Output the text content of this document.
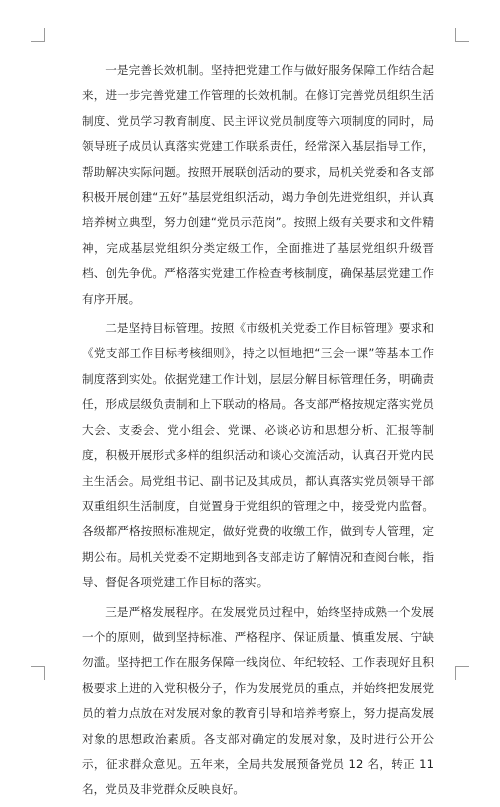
一是完善长效机制。坚持把党建工作与做好服务保障工作结合起来，进一步完善党建工作管理的长效机制。在修订完善党员组织生活制度、党员学习教育制度、民主评议党员制度等六项制度的同时，局领导班子成员认真落实党建工作联系责任，经常深入基层指导工作，帮助解决实际问题。按照开展联创活动的要求，局机关党委和各支部积极开展创建“五好”基层党组织活动，竭力争创先进党组织，并认真培养树立典型，努力创建“党员示范岗”。按照上级有关要求和文件精神，完成基层党组织分类定级工作，全面推进了基层党组织升级晋档、创先争优。严格落实党建工作检查考核制度，确保基层党建工作有序开展。

二是坚持目标管理。按照《市级机关党委工作目标管理》要求和《党支部工作目标考核细则》，持之以恒地把“三会一课”等基本工作制度落到实处。依据党建工作计划，层层分解目标管理任务，明确责任，形成层级负责制和上下联动的格局。各支部严格按规定落实党员大会、支委会、党小组会、党课、必谈必访和思想分析、汇报等制度，积极开展形式多样的组织活动和谈心交流活动，认真召开党内民主生活会。局党组书记、副书记及其成员，都认真落实党员领导干部双重组织生活制度，自觉置身于党组织的管理之中，接受党内监督。各级都严格按照标准规定，做好党费的收缴工作，做到专人管理，定期公布。局机关党委不定期地到各支部走访了解情况和查阅台帐，指导、督促各项党建工作目标的落实。

三是严格发展程序。在发展党员过程中，始终坚持成熟一个发展一个的原则，做到坚持标准、严格程序、保证质量、慎重发展、宁缺勿滥。坚持把工作在服务保障一线岗位、年纪较轻、工作表现好且积极要求上进的入党积极分子，作为发展党员的重点，并始终把发展党员的着力点放在对发展对象的教育引导和培养考察上，努力提高发展对象的思想政治素质。各支部对确定的发展对象，及时进行公开公示，征求群众意见。五年来，全局共发展预备党员 12 名，转正 11 名，党员及非党群众反映良好。
